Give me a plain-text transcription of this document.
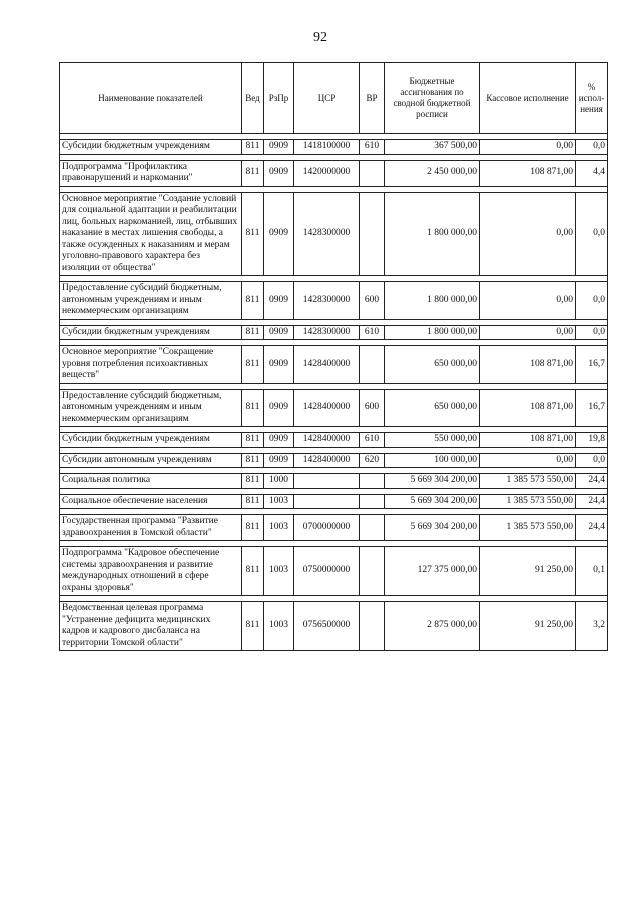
92
Наименование показателей	Вед	РзПр	ЦСР	ВР	Бюджетные ассигнования по сводной бюджетной росписи	Кассовое исполнение	% испол-нения

Субсидии бюджетным учреждениям	811	0909	1418100000	610	367 500,00	0,00	0,0

Подпрограмма "Профилактика правонарушений и наркомании"	811	0909	1420000000		2 450 000,00	108 871,00	4,4

Основное мероприятие "Создание условий для социальной адаптации и реабилитации лиц, больных наркоманией, лиц, отбывших наказание в местах лишения свободы, а также осужденных к наказаниям и мерам уголовно-правового характера без изоляции от общества"	811	0909	1428300000		1 800 000,00	0,00	0,0

Предоставление субсидий бюджетным, автономным учреждениям и иным некоммерческим организациям	811	0909	1428300000	600	1 800 000,00	0,00	0,0

Субсидии бюджетным учреждениям	811	0909	1428300000	610	1 800 000,00	0,00	0,0

Основное мероприятие "Сокращение уровня потребления психоактивных веществ"	811	0909	1428400000		650 000,00	108 871,00	16,7

Предоставление субсидий бюджетным, автономным учреждениям и иным некоммерческим организациям	811	0909	1428400000	600	650 000,00	108 871,00	16,7

Субсидии бюджетным учреждениям	811	0909	1428400000	610	550 000,00	108 871,00	19,8

Субсидии автономным учреждениям	811	0909	1428400000	620	100 000,00	0,00	0,0

Социальная политика	811	1000			5 669 304 200,00	1 385 573 550,00	24,4

Социальное обеспечение населения	811	1003			5 669 304 200,00	1 385 573 550,00	24,4

Государственная программа "Развитие здравоохранения в Томской области"	811	1003	0700000000		5 669 304 200,00	1 385 573 550,00	24,4

Подпрограмма "Кадровое обеспечение системы здравоохранения и развитие международных отношений в сфере охраны здоровья"	811	1003	0750000000		127 375 000,00	91 250,00	0,1

Ведомственная целевая программа "Устранение дефицита медицинских кадров и кадрового дисбаланса на территории Томской области"	811	1003	0756500000		2 875 000,00	91 250,00	3,2
